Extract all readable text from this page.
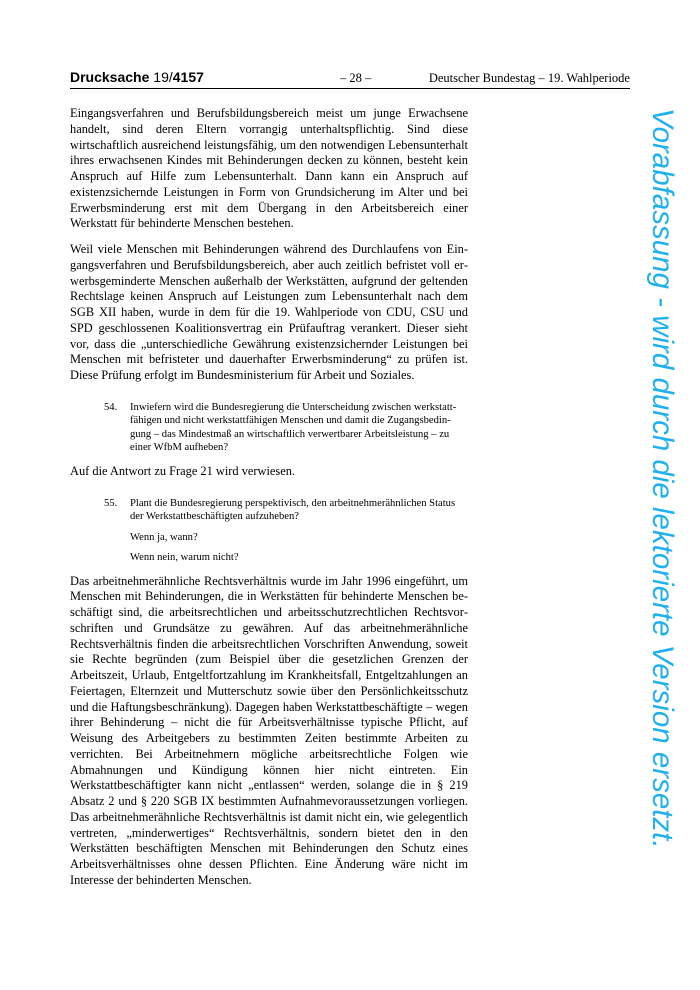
Drucksache 19/4157	– 28 –	Deutscher Bundestag – 19. Wahlperiode

Eingangsverfahren und Berufsbildungsbereich meist um junge Erwachsene handelt, sind deren Eltern vorrangig unterhaltspflichtig. Sind diese wirtschaftlich ausreichend leistungsfähig, um den notwendigen Lebensunterhalt ihres erwachsenen Kindes mit Behinderungen decken zu können, besteht kein Anspruch auf Hilfe zum Lebensunterhalt. Dann kann ein Anspruch auf existenzsichernde Leistungen in Form von Grundsicherung im Alter und bei Erwerbsminderung erst mit dem Übergang in den Arbeitsbereich einer Werkstatt für behinderte Menschen bestehen.

Weil viele Menschen mit Behinderungen während des Durchlaufens von Eingangsverfahren und Berufsbildungsbereich, aber auch zeitlich befristet voll erwerbsgeminderte Menschen außerhalb der Werkstätten, aufgrund der geltenden Rechtslage keinen Anspruch auf Leistungen zum Lebensunterhalt nach dem SGB XII haben, wurde in dem für die 19. Wahlperiode von CDU, CSU und SPD geschlossenen Koalitionsvertrag ein Prüfauftrag verankert. Dieser sieht vor, dass die „unterschiedliche Gewährung existenzsichernder Leistungen bei Menschen mit befristeter und dauerhafter Erwerbsminderung“ zu prüfen ist. Diese Prüfung erfolgt im Bundesministerium für Arbeit und Soziales.

54. Inwiefern wird die Bundesregierung die Unterscheidung zwischen werkstattfähigen und nicht werkstattfähigen Menschen und damit die Zugangsbedingung – das Mindestmaß an wirtschaftlich verwertbarer Arbeitsleistung – zu einer WfbM aufheben?

Auf die Antwort zu Frage 21 wird verwiesen.

55. Plant die Bundesregierung perspektivisch, den arbeitnehmerähnlichen Status der Werkstattbeschäftigten aufzuheben?

Wenn ja, wann?

Wenn nein, warum nicht?

Das arbeitnehmerähnliche Rechtsverhältnis wurde im Jahr 1996 eingeführt, um Menschen mit Behinderungen, die in Werkstätten für behinderte Menschen beschäftigt sind, die arbeitsrechtlichen und arbeitsschutzrechtlichen Rechtsvorschriften und Grundsätze zu gewähren. Auf das arbeitnehmerähnliche Rechtsverhältnis finden die arbeitsrechtlichen Vorschriften Anwendung, soweit sie Rechte begründen (zum Beispiel über die gesetzlichen Grenzen der Arbeitszeit, Urlaub, Entgeltfortzahlung im Krankheitsfall, Entgeltzahlungen an Feiertagen, Elternzeit und Mutterschutz sowie über den Persönlichkeitsschutz und die Haftungsbeschränkung). Dagegen haben Werkstattbeschäftigte – wegen ihrer Behinderung – nicht die für Arbeitsverhältnisse typische Pflicht, auf Weisung des Arbeitgebers zu bestimmten Zeiten bestimmte Arbeiten zu verrichten. Bei Arbeitnehmern mögliche arbeitsrechtliche Folgen wie Abmahnungen und Kündigung können hier nicht eintreten. Ein Werkstattbeschäftigter kann nicht „entlassen“ werden, solange die in § 219 Absatz 2 und § 220 SGB IX bestimmten Aufnahmevoraussetzungen vorliegen. Das arbeitnehmerähnliche Rechtsverhältnis ist damit nicht ein, wie gelegentlich vertreten, „minderwertiges“ Rechtsverhältnis, sondern bietet den in den Werkstätten beschäftigten Menschen mit Behinderungen den Schutz eines Arbeitsverhältnisses ohne dessen Pflichten. Eine Änderung wäre nicht im Interesse der behinderten Menschen.

Vorabfassung - wird durch die lektorierte Version ersetzt.
